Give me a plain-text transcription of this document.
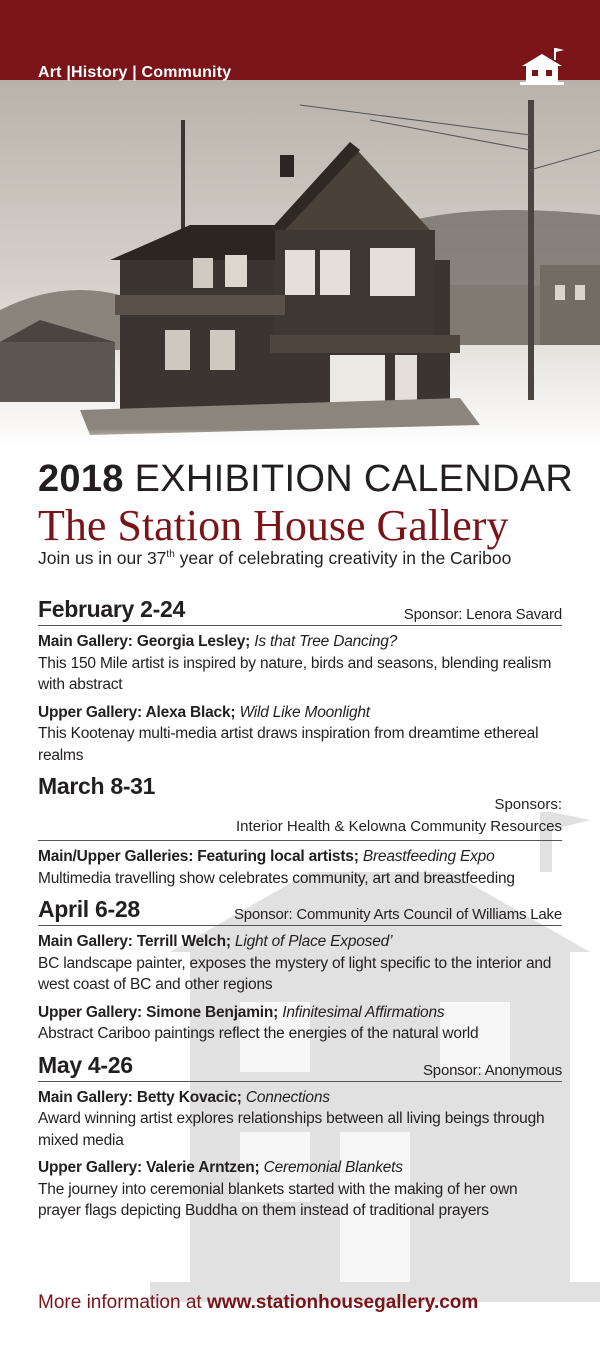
Art |History | Community
2018 EXHIBITION CALENDAR
The Station House Gallery
Join us in our 37th year of celebrating creativity in the Cariboo
February 2-24	Sponsor: Lenora Savard
Main Gallery: Georgia Lesley; Is that Tree Dancing?
This 150 Mile artist is inspired by nature, birds and seasons, blending realism with abstract
Upper Gallery: Alexa Black; Wild Like Moonlight
This Kootenay multi-media artist draws inspiration from dreamtime ethereal realms
March 8-31
Sponsors:
Interior Health & Kelowna Community Resources
Main/Upper Galleries: Featuring local artists; Breastfeeding Expo
Multimedia travelling show celebrates community, art and breastfeeding
April 6-28	Sponsor: Community Arts Council of Williams Lake
Main Gallery: Terrill Welch; Light of Place Exposed’
BC landscape painter, exposes the mystery of light specific to the interior and west coast of BC and other regions
Upper Gallery: Simone Benjamin; Infinitesimal Affirmations
Abstract Cariboo paintings reflect the energies of the natural world
May 4-26	Sponsor: Anonymous
Main Gallery: Betty Kovacic; Connections
Award winning artist explores relationships between all living beings through mixed media
Upper Gallery: Valerie Arntzen; Ceremonial Blankets
The journey into ceremonial blankets started with the making of her own prayer flags depicting Buddha on them instead of traditional prayers
More information at www.stationhousegallery.com
